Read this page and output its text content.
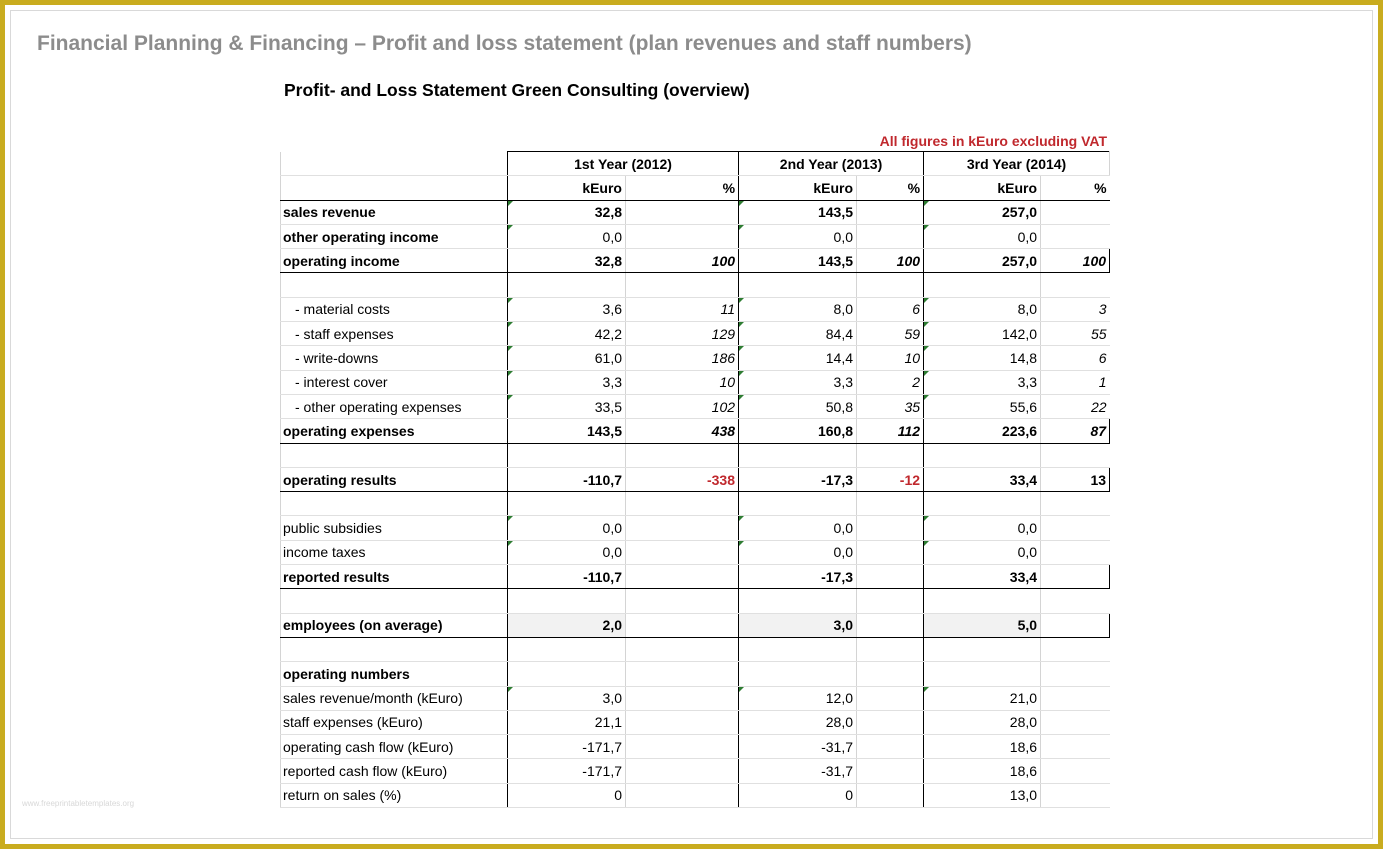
Financial Planning & Financing – Profit and loss statement (plan revenues and staff numbers)
www.freeprintabletemplates.org
Profit- and Loss Statement Green Consulting (overview)
All figures in kEuro excluding VAT
	1st Year (2012)		2nd Year (2013)		3rd Year (2014)	
	kEuro	%	kEuro	%	kEuro	%
sales revenue	32,8		143,5		257,0	
other operating income	0,0		0,0		0,0	
operating income	32,8	100	143,5	100	257,0	100

- material costs	3,6	11	8,0	6	8,0	3
- staff expenses	42,2	129	84,4	59	142,0	55
- write-downs	61,0	186	14,4	10	14,8	6
- interest cover	3,3	10	3,3	2	3,3	1
- other operating expenses	33,5	102	50,8	35	55,6	22
operating expenses	143,5	438	160,8	112	223,6	87

operating results	-110,7	-338	-17,3	-12	33,4	13

public subsidies	0,0		0,0		0,0	
income taxes	0,0		0,0		0,0	
reported results	-110,7		-17,3		33,4	

employees (on average)	2,0		3,0		5,0	

operating numbers						
sales revenue/month (kEuro)	3,0		12,0		21,0	
staff expenses (kEuro)	21,1		28,0		28,0	
operating cash flow (kEuro)	-171,7		-31,7		18,6	
reported cash flow (kEuro)	-171,7		-31,7		18,6	
return on sales (%)	0		0		13,0	
